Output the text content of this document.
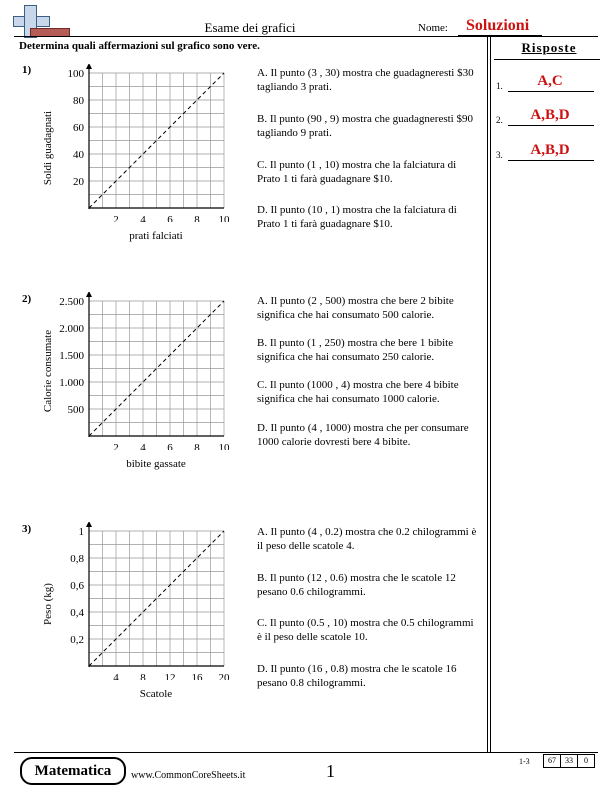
Esame dei grafici	Nome: Soluzioni
Determina quali affermazioni sul grafico sono vere.	Risposte
1.	A,C
2.	A,B,D
3.	A,B,D
1)
Soldi guadagnati
2 4 6 8 10
20
40
60
80
100
prati falciati
A. Il punto (3 , 30) mostra che guadagneresti $30 tagliando 3 prati.
B. Il punto (90 , 9) mostra che guadagneresti $90 tagliando 9 prati.
C. Il punto (1 , 10) mostra che la falciatura di Prato 1 ti farà guadagnare $10.
D. Il punto (10 , 1) mostra che la falciatura di Prato 1 ti farà guadagnare $10.
2)
Calorie consumate
2 4 6 8 10
500
1.000
1.500
2.000
2.500
bibite gassate
A. Il punto (2 , 500) mostra che bere 2 bibite significa che hai consumato 500 calorie.
B. Il punto (1 , 250) mostra che bere 1 bibite significa che hai consumato 250 calorie.
C. Il punto (1000 , 4) mostra che bere 4 bibite significa che hai consumato 1000 calorie.
D. Il punto (4 , 1000) mostra che per consumare 1000 calorie dovresti bere 4 bibite.
3)
Peso (kg)
4 8 12 16 20
0,2
0,4
0,6
0,8
1
Scatole
A. Il punto (4 , 0.2) mostra che 0.2 chilogrammi è il peso delle scatole 4.
B. Il punto (12 , 0.6) mostra che le scatole 12 pesano 0.6 chilogrammi.
C. Il punto (0.5 , 10) mostra che 0.5 chilogrammi è il peso delle scatole 10.
D. Il punto (16 , 0.8) mostra che le scatole 16 pesano 0.8 chilogrammi.
Matematica	www.CommonCoreSheets.it	1	1-3	67	33	0
